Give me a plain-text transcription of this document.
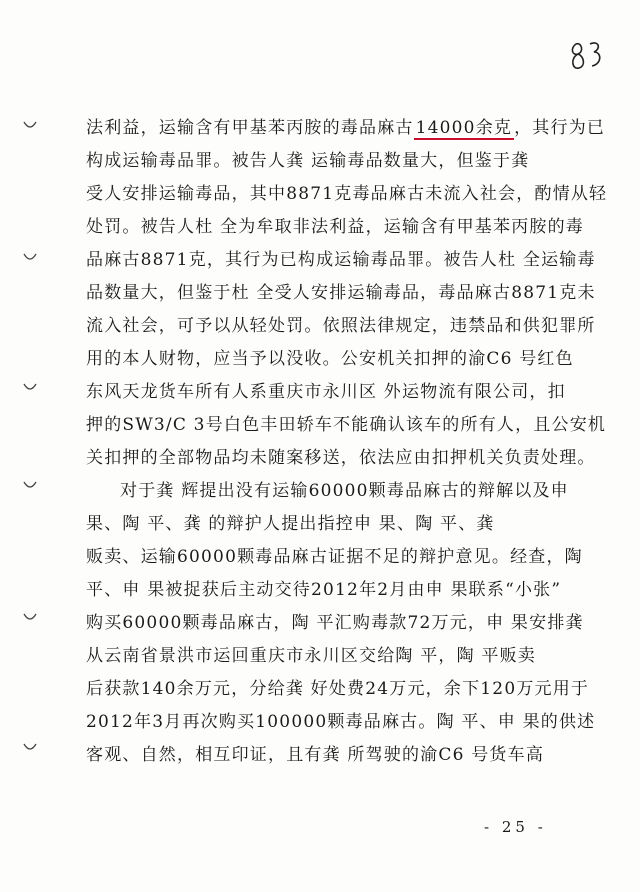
法利益，运输含有甲基苯丙胺的毒品麻古 14000余克 ，其行为已
构成运输毒品罪。被告人龚 运输毒品数量大，但鉴于龚
受人安排运输毒品，其中8871克毒品麻古未流入社会，酌情从轻
处罚。被告人杜 全为牟取非法利益，运输含有甲基苯丙胺的毒
品麻古8871克，其行为已构成运输毒品罪。被告人杜 全运输毒
品数量大，但鉴于杜 全受人安排运输毒品，毒品麻古8871克未
流入社会，可予以从轻处罚。依照法律规定，违禁品和供犯罪所
用的本人财物，应当予以没收。公安机关扣押的渝C6 号红色
东风天龙货车所有人系重庆市永川区 外运物流有限公司，扣
押的SW3/C 3号白色丰田轿车不能确认该车的所有人，且公安机
关扣押的全部物品均未随案移送，依法应由扣押机关负责处理。
对于龚 辉提出没有运输60000颗毒品麻古的辩解以及申
果、陶 平、龚 的辩护人提出指控申 果、陶 平、龚
贩卖、运输60000颗毒品麻古证据不足的辩护意见。经查，陶
平、申 果被捉获后主动交待2012年2月由申 果联系“小张”
购买60000颗毒品麻古，陶 平汇购毒款72万元，申 果安排龚
从云南省景洪市运回重庆市永川区交给陶 平，陶 平贩卖
后获款140余万元，分给龚 好处费24万元，余下120万元用于
2012年3月再次购买100000颗毒品麻古。陶 平、申 果的供述
客观、自然，相互印证，且有龚 所驾驶的渝C6 号货车高
- 25 -
